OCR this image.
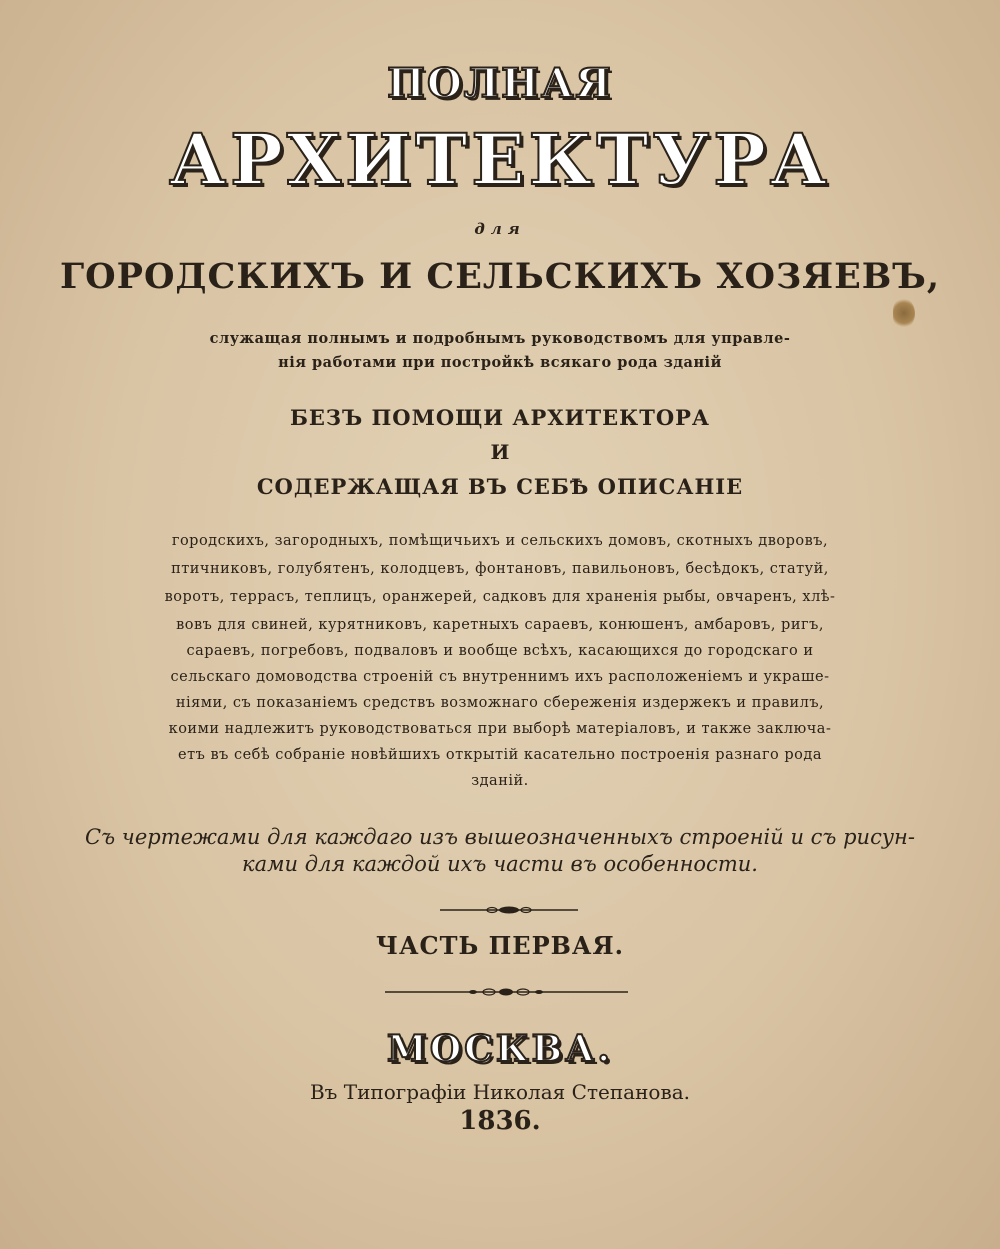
ПОЛНАЯ
АРХИТЕКТУРА
для
ГОРОДСКИХЪ И СЕЛЬСКИХЪ ХОЗЯЕВЪ,
служащая полнымъ и подробнымъ руководствомъ для управле-
нія работами при постройкѣ всякаго рода зданій
БЕЗЪ ПОМОЩИ АРХИТЕКТОРА
И
СОДЕРЖАЩАЯ ВЪ СЕБѢ ОПИСАНІЕ
городскихъ, загородныхъ, помѣщичьихъ и сельскихъ домовъ, скотныхъ дворовъ,
птичниковъ, голубятенъ, колодцевъ, фонтановъ, павильоновъ, бесѣдокъ, статуй,
воротъ, террасъ, теплицъ, оранжерей, садковъ для храненія рыбы, овчаренъ, хлѣ-
вовъ для свиней, курятниковъ, каретныхъ сараевъ, конюшенъ, амбаровъ, ригъ,
сараевъ, погребовъ, подваловъ и вообще всѣхъ, касающихся до городскаго и
сельскаго домоводства строеній съ внутреннимъ ихъ расположеніемъ и украше-
ніями, съ показаніемъ средствъ возможнаго сбереженія издержекъ и правилъ,
коими надлежитъ руководствоваться при выборѣ матеріаловъ, и также заключа-
етъ въ себѣ собраніе новѣйшихъ открытій касательно построенія разнаго рода
зданій.
Съ чертежами для каждаго изъ вышеозначенныхъ строеній и съ рисун-
ками для каждой ихъ части въ особенности.
ЧАСТЬ ПЕРВАЯ.
МОСКВА.
Въ Типографіи Николая Степанова.
1836.
